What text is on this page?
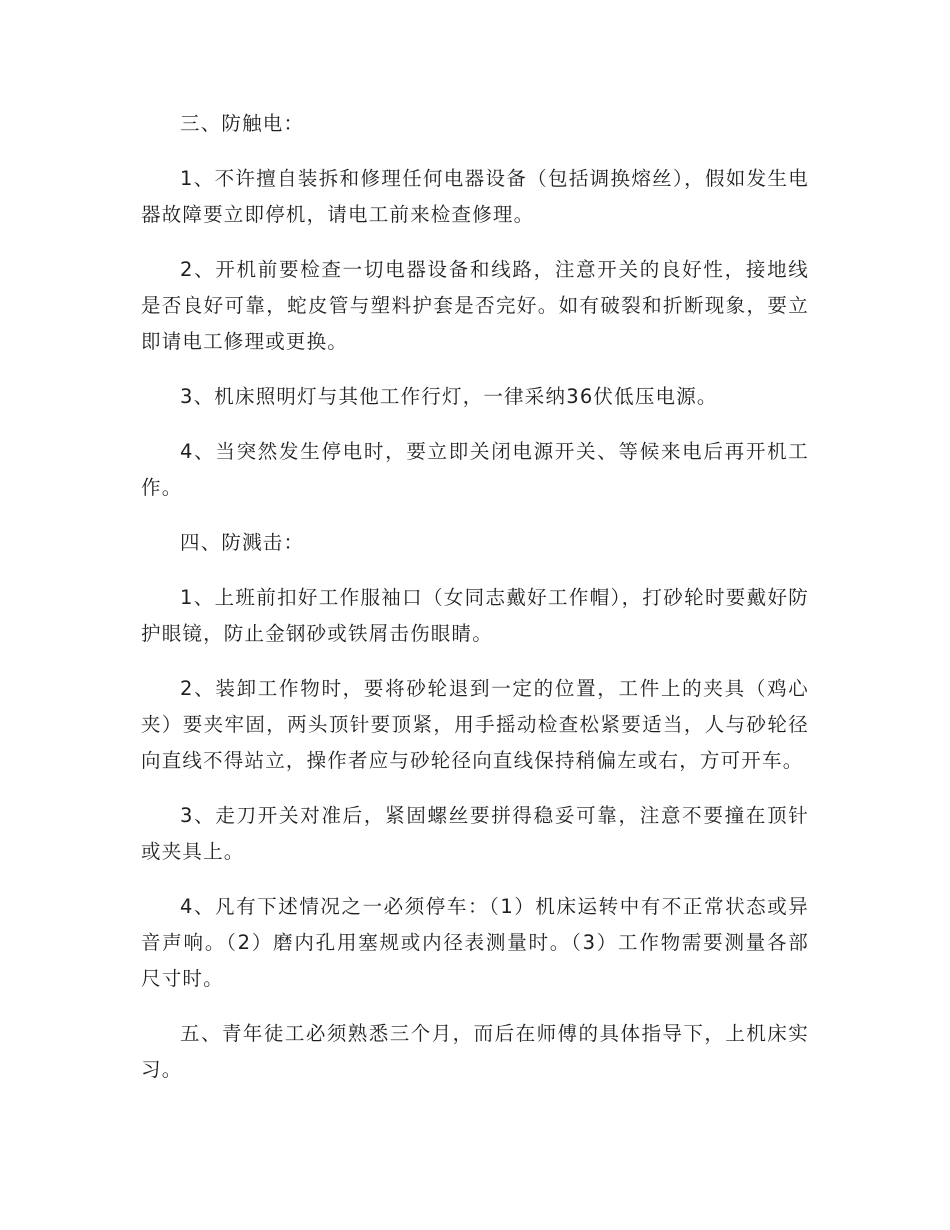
三、防触电：

1、不许擅自装拆和修理任何电器设备（包括调换熔丝），假如发生电器故障要立即停机，请电工前来检查修理。

2、开机前要检查一切电器设备和线路，注意开关的良好性，接地线是否良好可靠，蛇皮管与塑料护套是否完好。如有破裂和折断现象，要立即请电工修理或更换。

3、机床照明灯与其他工作行灯，一律采纳36伏低压电源。

4、当突然发生停电时，要立即关闭电源开关、等候来电后再开机工作。

四、防溅击：

1、上班前扣好工作服袖口（女同志戴好工作帽），打砂轮时要戴好防护眼镜，防止金钢砂或铁屑击伤眼睛。

2、装卸工作物时，要将砂轮退到一定的位置，工件上的夹具（鸡心夹）要夹牢固，两头顶针要顶紧，用手摇动检查松紧要适当，人与砂轮径向直线不得站立，操作者应与砂轮径向直线保持稍偏左或右，方可开车。

3、走刀开关对准后，紧固螺丝要拼得稳妥可靠，注意不要撞在顶针或夹具上。

4、凡有下述情况之一必须停车：（1）机床运转中有不正常状态或异音声响。（2）磨内孔用塞规或内径表测量时。（3）工作物需要测量各部尺寸时。

五、青年徒工必须熟悉三个月，而后在师傅的具体指导下，上机床实习。
